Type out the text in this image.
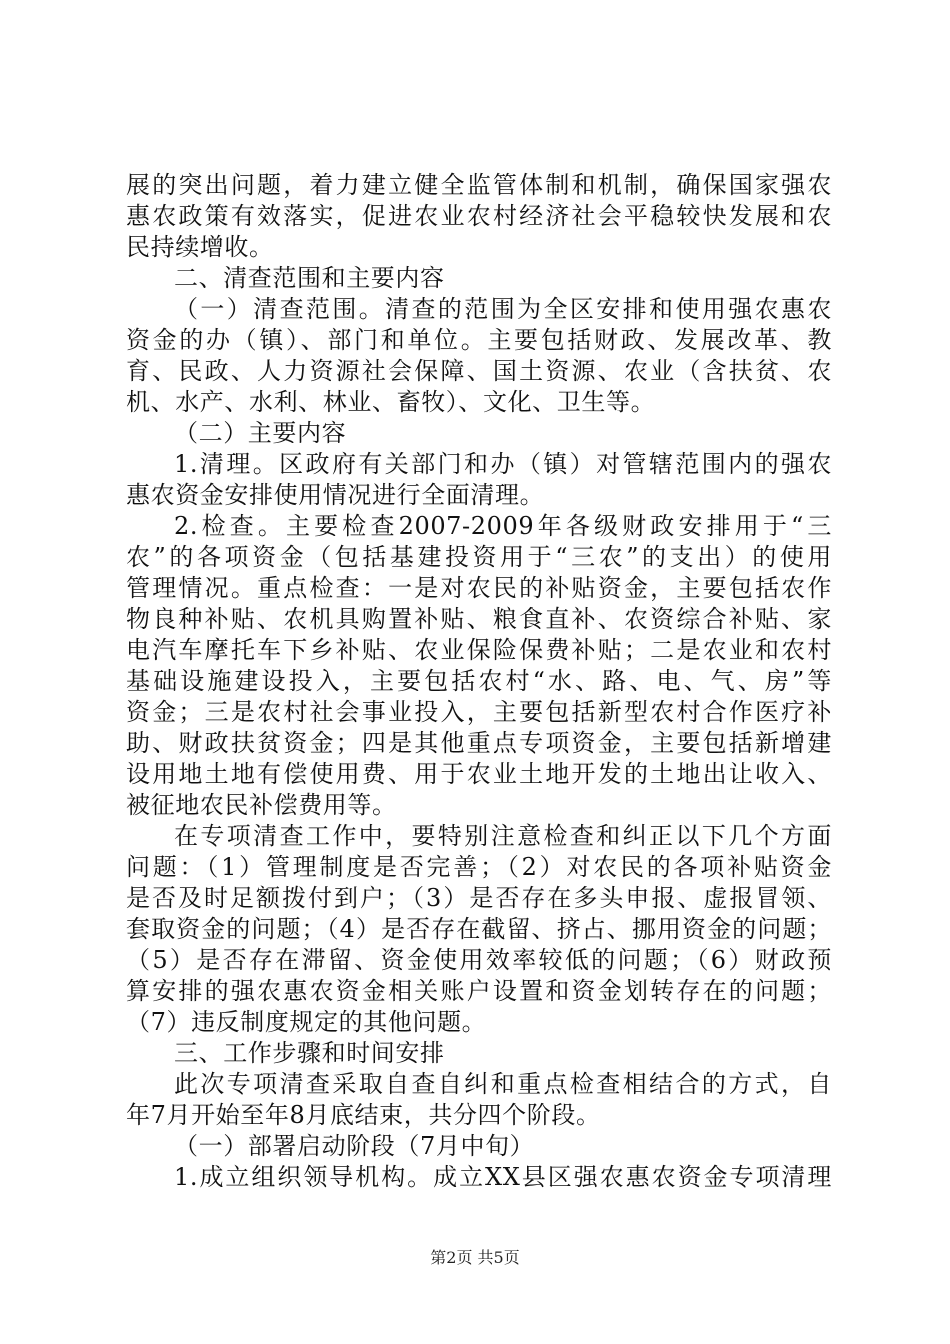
展的突出问题，着力建立健全监管体制和机制，确保国家强农
惠农政策有效落实，促进农业农村经济社会平稳较快发展和农
民持续增收。
二、清查范围和主要内容
（一）清查范围。清查的范围为全区安排和使用强农惠农
资金的办（镇）、部门和单位。主要包括财政、发展改革、教
育、民政、人力资源社会保障、国土资源、农业（含扶贫、农
机、水产、水利、林业、畜牧）、文化、卫生等。
（二）主要内容
1.清理。区政府有关部门和办（镇）对管辖范围内的强农
惠农资金安排使用情况进行全面清理。
2.检查。主要检查2007-2009年各级财政安排用于“三
农”的各项资金（包括基建投资用于“三农”的支出）的使用
管理情况。重点检查：一是对农民的补贴资金，主要包括农作
物良种补贴、农机具购置补贴、粮食直补、农资综合补贴、家
电汽车摩托车下乡补贴、农业保险保费补贴；二是农业和农村
基础设施建设投入，主要包括农村“水、路、电、气、房”等
资金；三是农村社会事业投入，主要包括新型农村合作医疗补
助、财政扶贫资金；四是其他重点专项资金，主要包括新增建
设用地土地有偿使用费、用于农业土地开发的土地出让收入、
被征地农民补偿费用等。
在专项清查工作中，要特别注意检查和纠正以下几个方面
问题：（1）管理制度是否完善；（2）对农民的各项补贴资金
是否及时足额拨付到户；（3）是否存在多头申报、虚报冒领、
套取资金的问题；（4）是否存在截留、挤占、挪用资金的问题；
（5）是否存在滞留、资金使用效率较低的问题；（6）财政预
算安排的强农惠农资金相关账户设置和资金划转存在的问题；
（7）违反制度规定的其他问题。
三、工作步骤和时间安排
此次专项清查采取自查自纠和重点检查相结合的方式，自
年7月开始至年8月底结束，共分四个阶段。
（一）部署启动阶段（7月中旬）
1.成立组织领导机构。成立XX县区强农惠农资金专项清理
第2页 共5页
